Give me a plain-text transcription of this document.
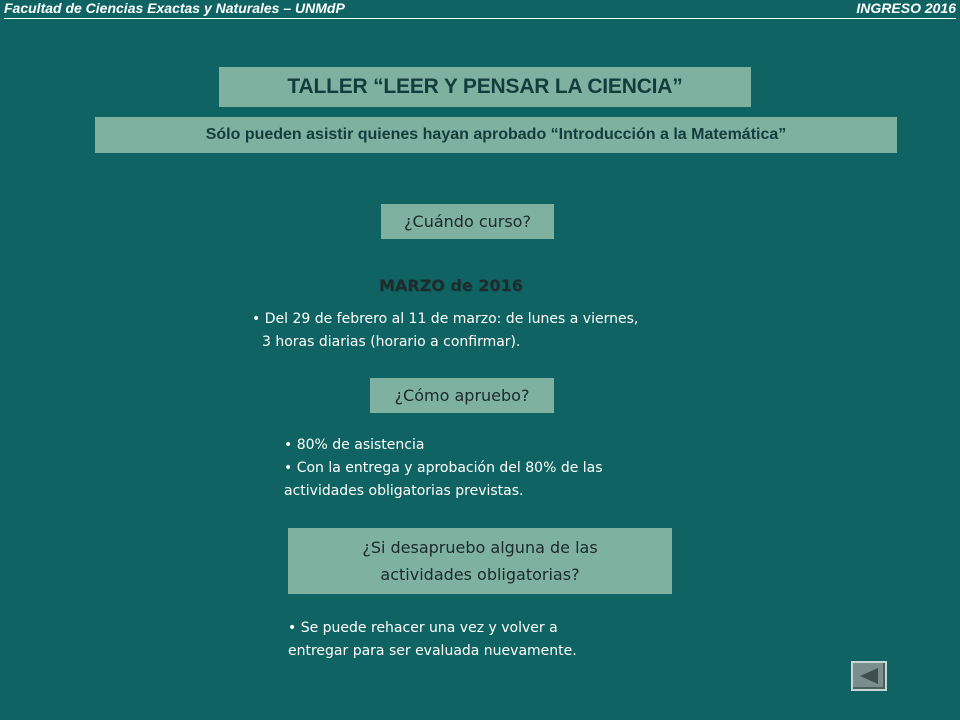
Facultad de Ciencias Exactas y Naturales – UNMdP	INGRESO 2016
TALLER “LEER Y PENSAR LA CIENCIA”
Sólo pueden asistir quienes hayan aprobado “Introducción a la Matemática”
¿Cuándo curso?
MARZO de 2016
• Del 29 de febrero al 11 de marzo: de lunes a viernes,
3 horas diarias (horario a confirmar).
¿Cómo apruebo?
• 80% de asistencia
• Con la entrega y aprobación del 80% de las
actividades obligatorias previstas.
¿Si desapruebo alguna de las
actividades obligatorias?
• Se puede rehacer una vez y volver a
entregar para ser evaluada nuevamente.
